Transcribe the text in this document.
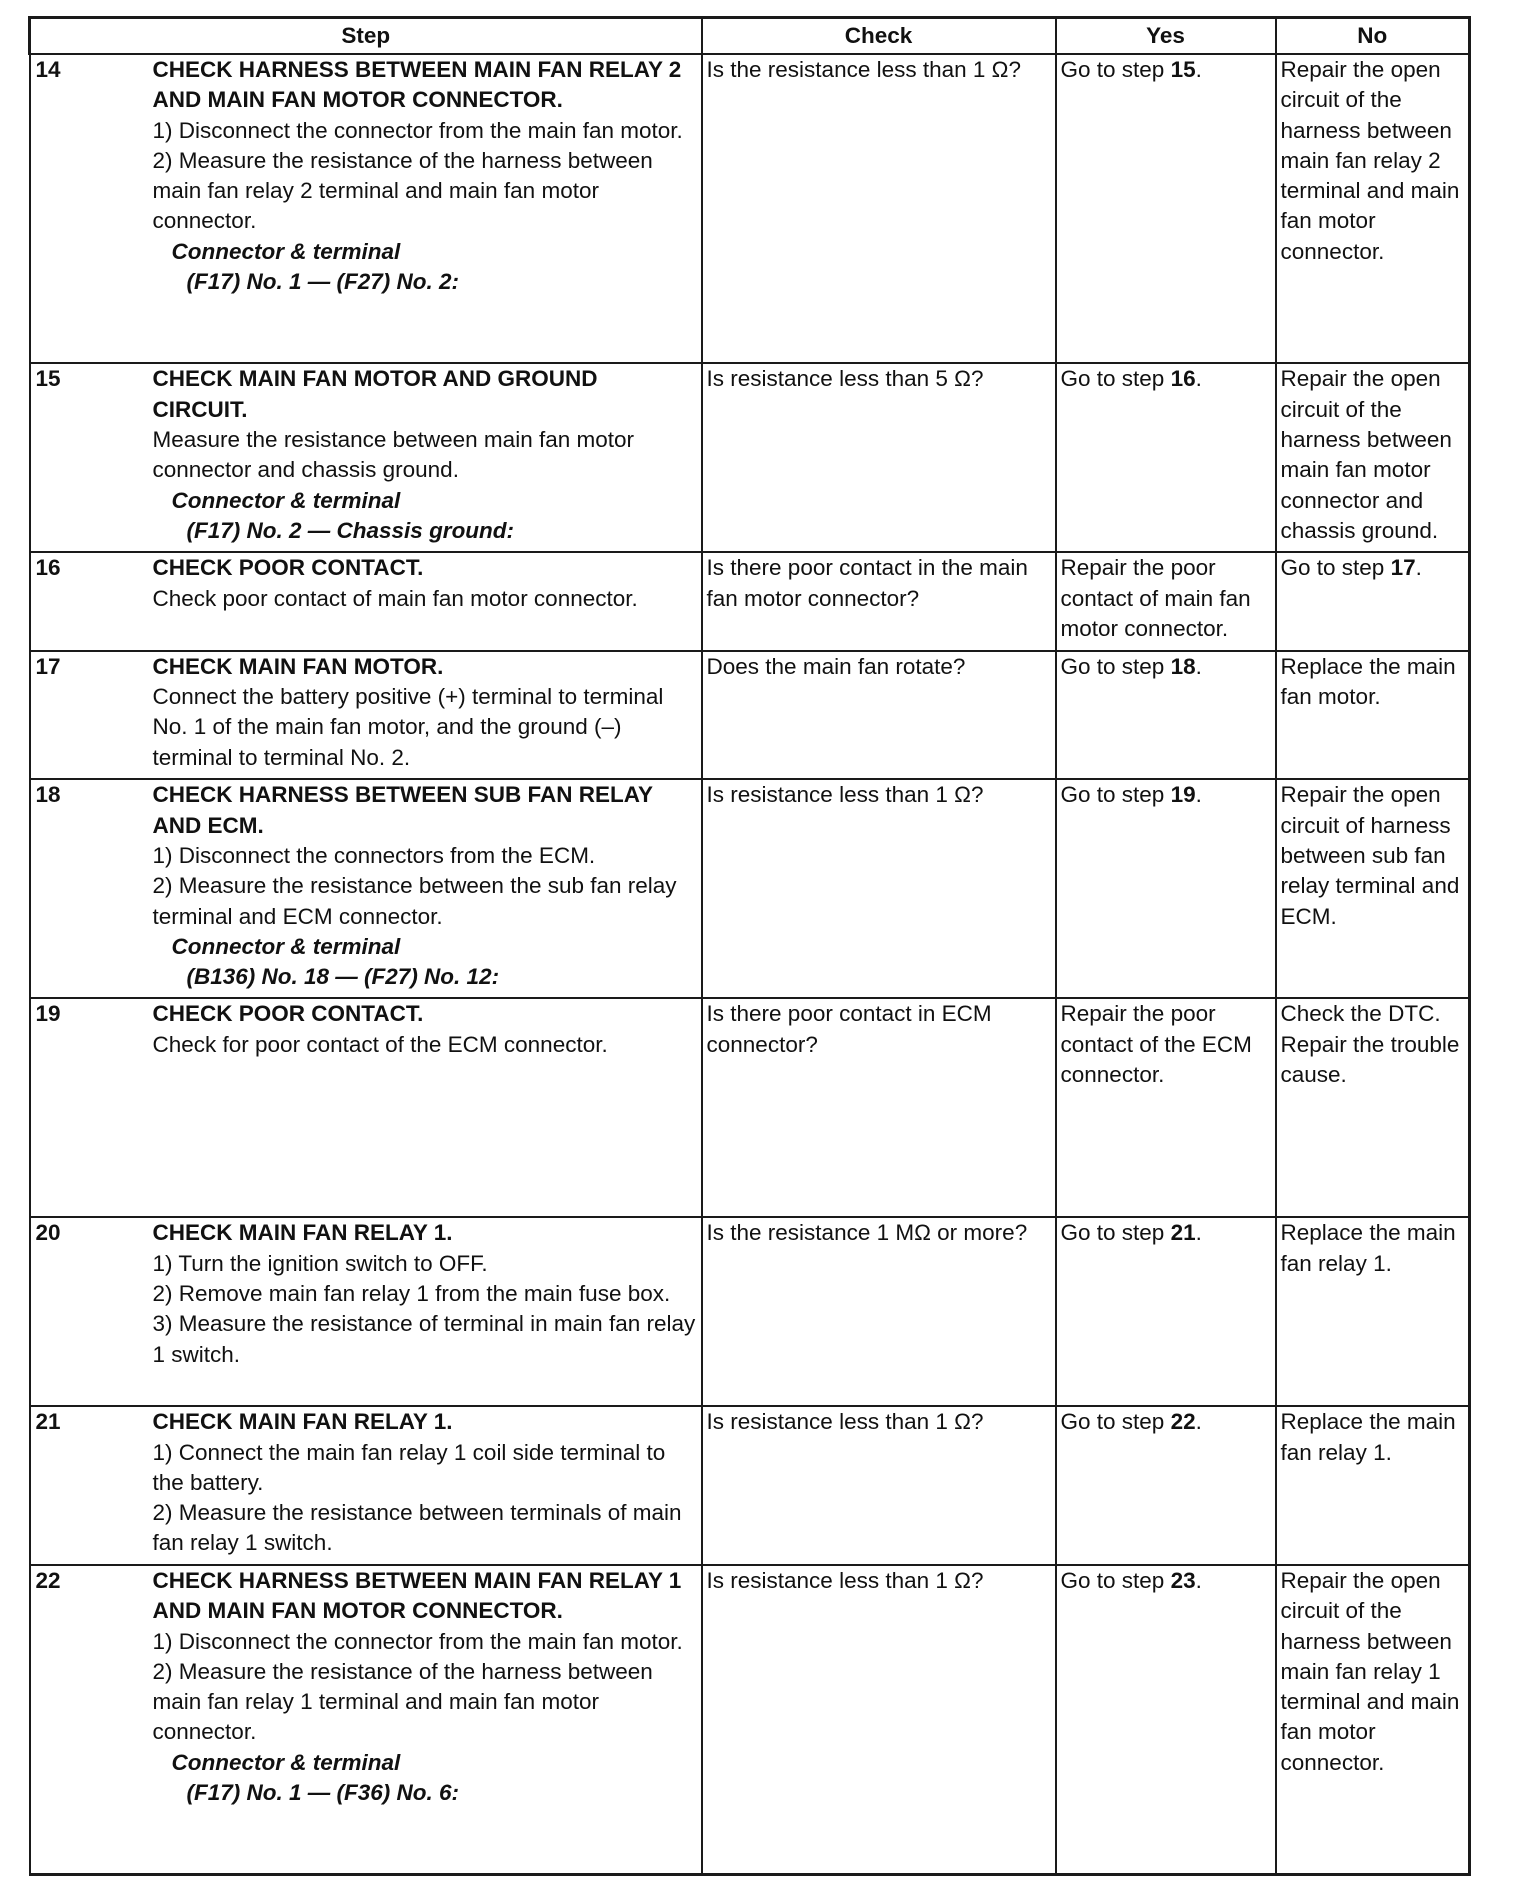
Step		Check	Yes	No
14	CHECK HARNESS BETWEEN MAIN FAN RELAY 2 AND MAIN FAN MOTOR CONNECTOR.
1) Disconnect the connector from the main fan motor.
2) Measure the resistance of the harness between main fan relay 2 terminal and main fan motor connector.
Connector & terminal
(F17) No. 1 — (F27) No. 2:	Is the resistance less than 1 Ω?	Go to step 15.	Repair the open circuit of the harness between main fan relay 2 terminal and main fan motor connector.
15	CHECK MAIN FAN MOTOR AND GROUND CIRCUIT.
Measure the resistance between main fan motor connector and chassis ground.
Connector & terminal
(F17) No. 2 — Chassis ground:	Is resistance less than 5 Ω?	Go to step 16.	Repair the open circuit of the harness between main fan motor connector and chassis ground.
16	CHECK POOR CONTACT.
Check poor contact of main fan motor connector.	Is there poor contact in the main fan motor connector?	Repair the poor contact of main fan motor connector.	Go to step 17.
17	CHECK MAIN FAN MOTOR.
Connect the battery positive (+) terminal to terminal No. 1 of the main fan motor, and the ground (–) terminal to terminal No. 2.	Does the main fan rotate?	Go to step 18.	Replace the main fan motor.
18	CHECK HARNESS BETWEEN SUB FAN RELAY AND ECM.
1) Disconnect the connectors from the ECM.
2) Measure the resistance between the sub fan relay terminal and ECM connector.
Connector & terminal
(B136) No. 18 — (F27) No. 12:	Is resistance less than 1 Ω?	Go to step 19.	Repair the open circuit of harness between sub fan relay terminal and ECM.
19	CHECK POOR CONTACT.
Check for poor contact of the ECM connector.	Is there poor contact in ECM connector?	Repair the poor contact of the ECM connector.	Check the DTC. Repair the trouble cause.
20	CHECK MAIN FAN RELAY 1.
1) Turn the ignition switch to OFF.
2) Remove main fan relay 1 from the main fuse box.
3) Measure the resistance of terminal in main fan relay 1 switch.	Is the resistance 1 MΩ or more?	Go to step 21.	Replace the main fan relay 1.
21	CHECK MAIN FAN RELAY 1.
1) Connect the main fan relay 1 coil side terminal to the battery.
2) Measure the resistance between terminals of main fan relay 1 switch.	Is resistance less than 1 Ω?	Go to step 22.	Replace the main fan relay 1.
22	CHECK HARNESS BETWEEN MAIN FAN RELAY 1 AND MAIN FAN MOTOR CONNECTOR.
1) Disconnect the connector from the main fan motor.
2) Measure the resistance of the harness between main fan relay 1 terminal and main fan motor connector.
Connector & terminal
(F17) No. 1 — (F36) No. 6:	Is resistance less than 1 Ω?	Go to step 23.	Repair the open circuit of the harness between main fan relay 1 terminal and main fan motor connector.
